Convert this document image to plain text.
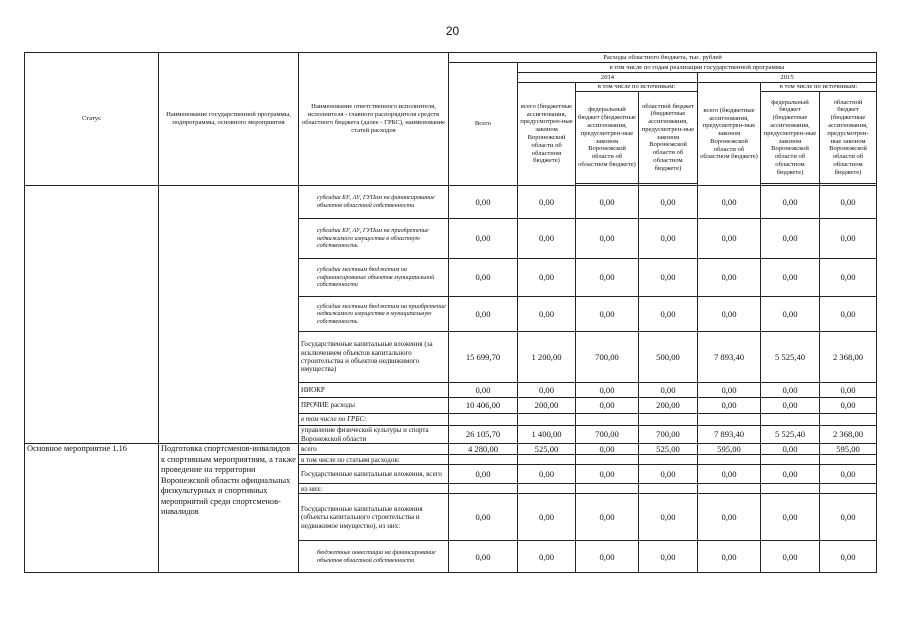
20
Статус	Наименование государственной программы, подпрограммы, основного мероприятия	Наименование ответственного исполнителя, исполнителя - главного распорядителя средств областного бюджета (далее - ГРБС), наименование статей расходов	Расходы областного бюджета, тыс. рублей						
			Всего	в том числе по годам реализации государственной программы					
				2014			2015		
				всего (бюджетные ассигнования, предусмотрен-ные законом Воронежской области об областном бюджете)	в том числе по источникам:		всего (бюджетные ассигнования, предусмотрен-ные законом Воронежской области об областном бюджете)	в том числе по источникам:	
					федеральный бюджет (бюджетные ассигнования, предусмотрен-ные законом Воронежской области об областном бюджете)	областной бюджет (бюджетные ассигнования, предусмотрен-ные законом Воронежской области об областном бюджете)		федеральный бюджет (бюджетные ассигнования, предусмотрен-ные законом Воронежской области об областном бюджете)	областной бюджет (бюджетные ассигнования, предусмотрен-ные законом Воронежской области об областном бюджете)

		субсидии БУ, АУ, ГУПам на финансирование объектов областной собственности	0,00	0,00	0,00	0,00	0,00	0,00	0,00
		субсидии БУ, АУ, ГУПам на приобретение недвижимого имущества в областную собственность	0,00	0,00	0,00	0,00	0,00	0,00	0,00
		субсидии местным бюджетам на софинансирование объектов муниципальной собственности	0,00	0,00	0,00	0,00	0,00	0,00	0,00
		субсидии местным бюджетам на приобретение недвижимого имущества в муниципальную собственность	0,00	0,00	0,00	0,00	0,00	0,00	0,00
		Государственные капитальные вложения (за исключением объектов капитального строительства и объектов недвижимого имущества)	15 699,70	1 200,00	700,00	500,00	7 893,40	5 525,40	2 368,00
		НИОКР	0,00	0,00	0,00	0,00	0,00	0,00	0,00
		ПРОЧИЕ расходы	10 406,00	200,00	0,00	200,00	0,00	0,00	0,00
		в том числе по ГРБС:							
		управление физической культуры и спорта Воронежской области	26 105,70	1 400,00	700,00	700,00	7 893,40	5 525,40	2 368,00
Основное мероприятие 1.16	Подготовка спортсменов-инвалидов к спортивным мероприятиям, а также проведение на территории Воронежской области официальных физкультурных и спортивных мероприятий среди спортсменов-инвалидов	всего	4 280,00	525,00	0,00	525,00	595,00	0,00	595,00
		в том числе по статьям расходов:							
		Государственные капитальные вложения, всего	0,00	0,00	0,00	0,00	0,00	0,00	0,00
		из них:							
		Государственные капитальные вложения (объекты капитального строительства и недвижимое имущество), из них:	0,00	0,00	0,00	0,00	0,00	0,00	0,00
		бюджетные инвестиции на финансирование объектов областной собственности	0,00	0,00	0,00	0,00	0,00	0,00	0,00
